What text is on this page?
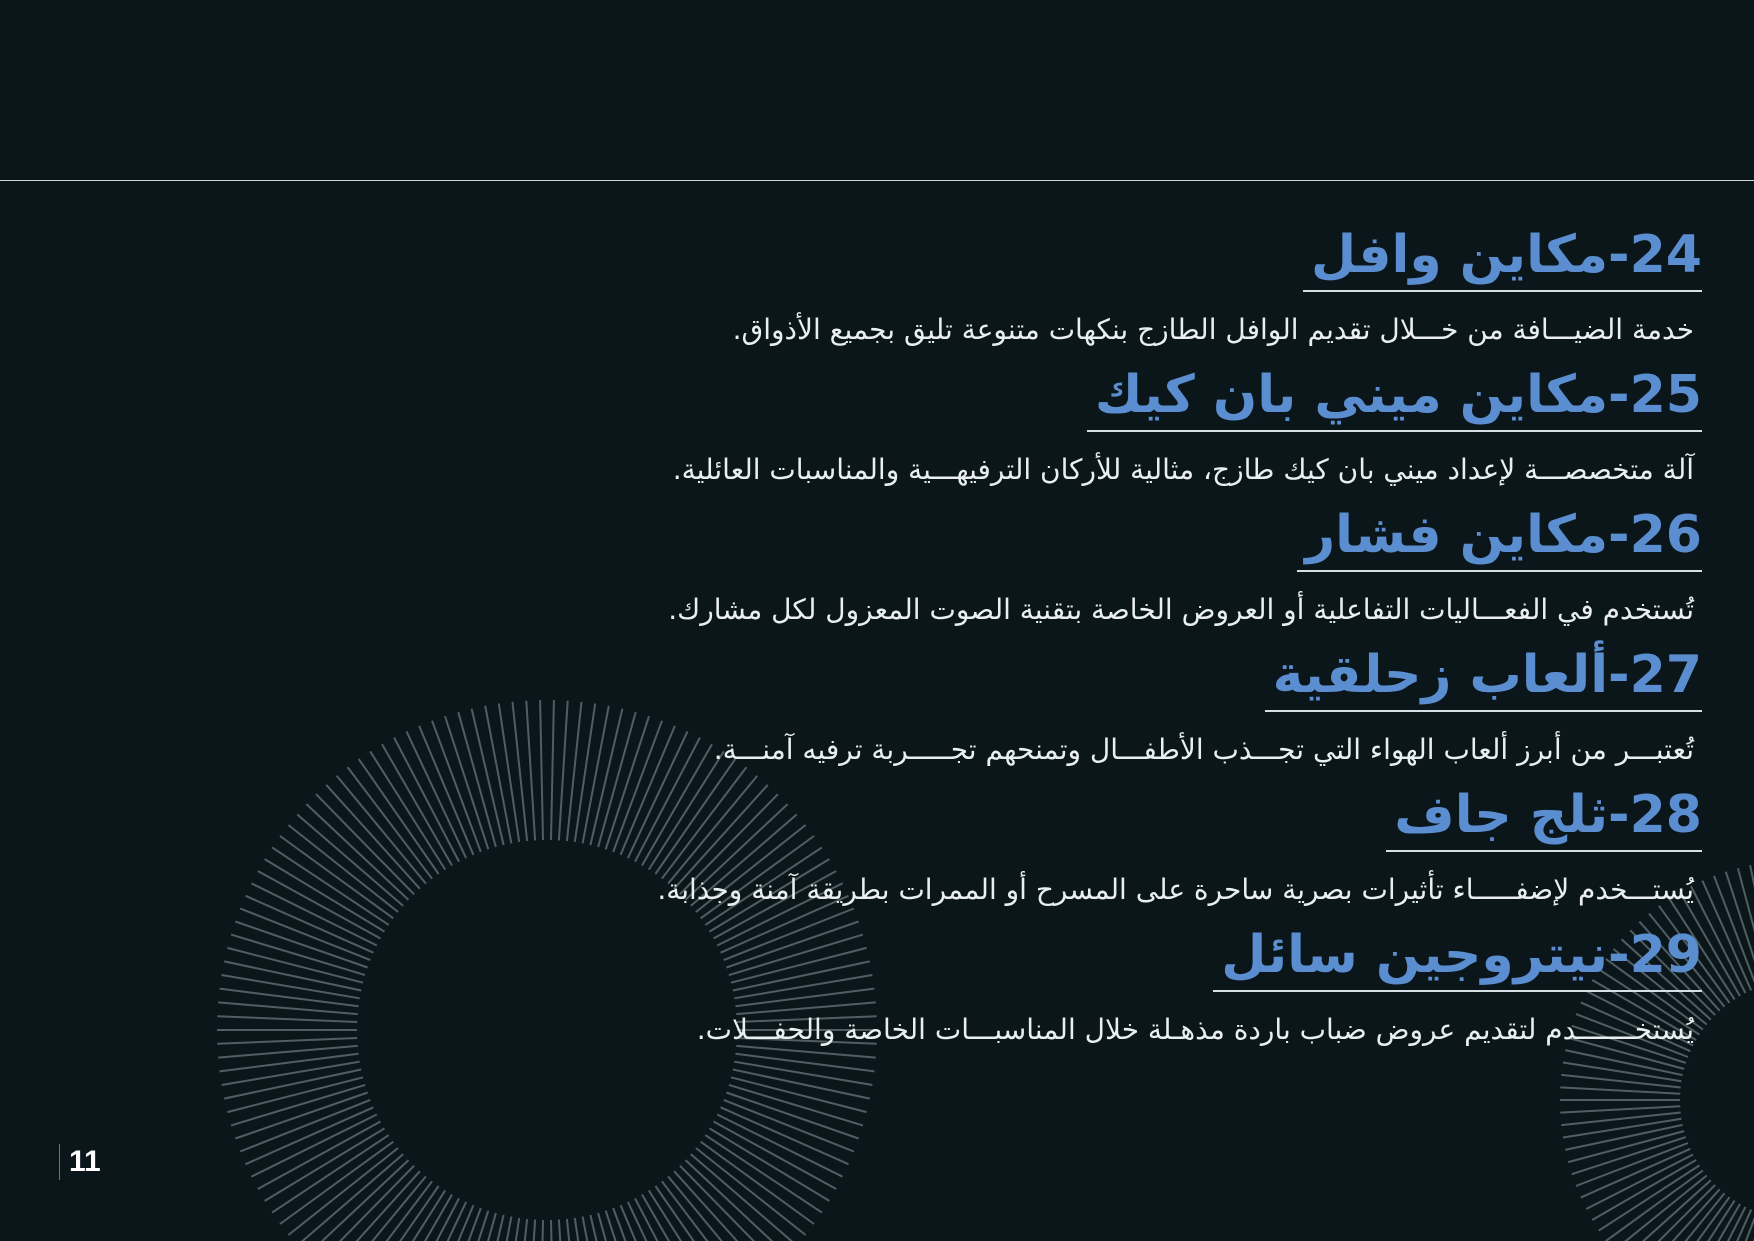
24-مكاين وافل
خدمة الضيـــافة من خـــلال تقديم الوافل الطازج بنكهات متنوعة تليق بجميع الأذواق.
25-مكاين ميني بان كيك
آلة متخصصـــة لإعداد ميني بان كيك طازج، مثالية للأركان الترفيهـــية والمناسبات العائلية.
26-مكاين فشار
تُستخدم في الفعـــاليات التفاعلية أو العروض الخاصة بتقنية الصوت المعزول لكل مشارك.
27-ألعاب زحلقية
تُعتبـــر من أبرز ألعاب الهواء التي تجـــذب الأطفـــال وتمنحهم تجـــــربة ترفيه آمنـــة.
28-ثلج جاف
يُستـــخدم لإضفـــــاء تأثيرات بصرية ساحرة على المسرح أو الممرات بطريقة آمنة وجذابة.
29-نيتروجين سائل
يُستخـــــــدم لتقديم عروض ضباب باردة مذهـلة خلال المناسبـــات الخاصة والحفـــلات.
11
